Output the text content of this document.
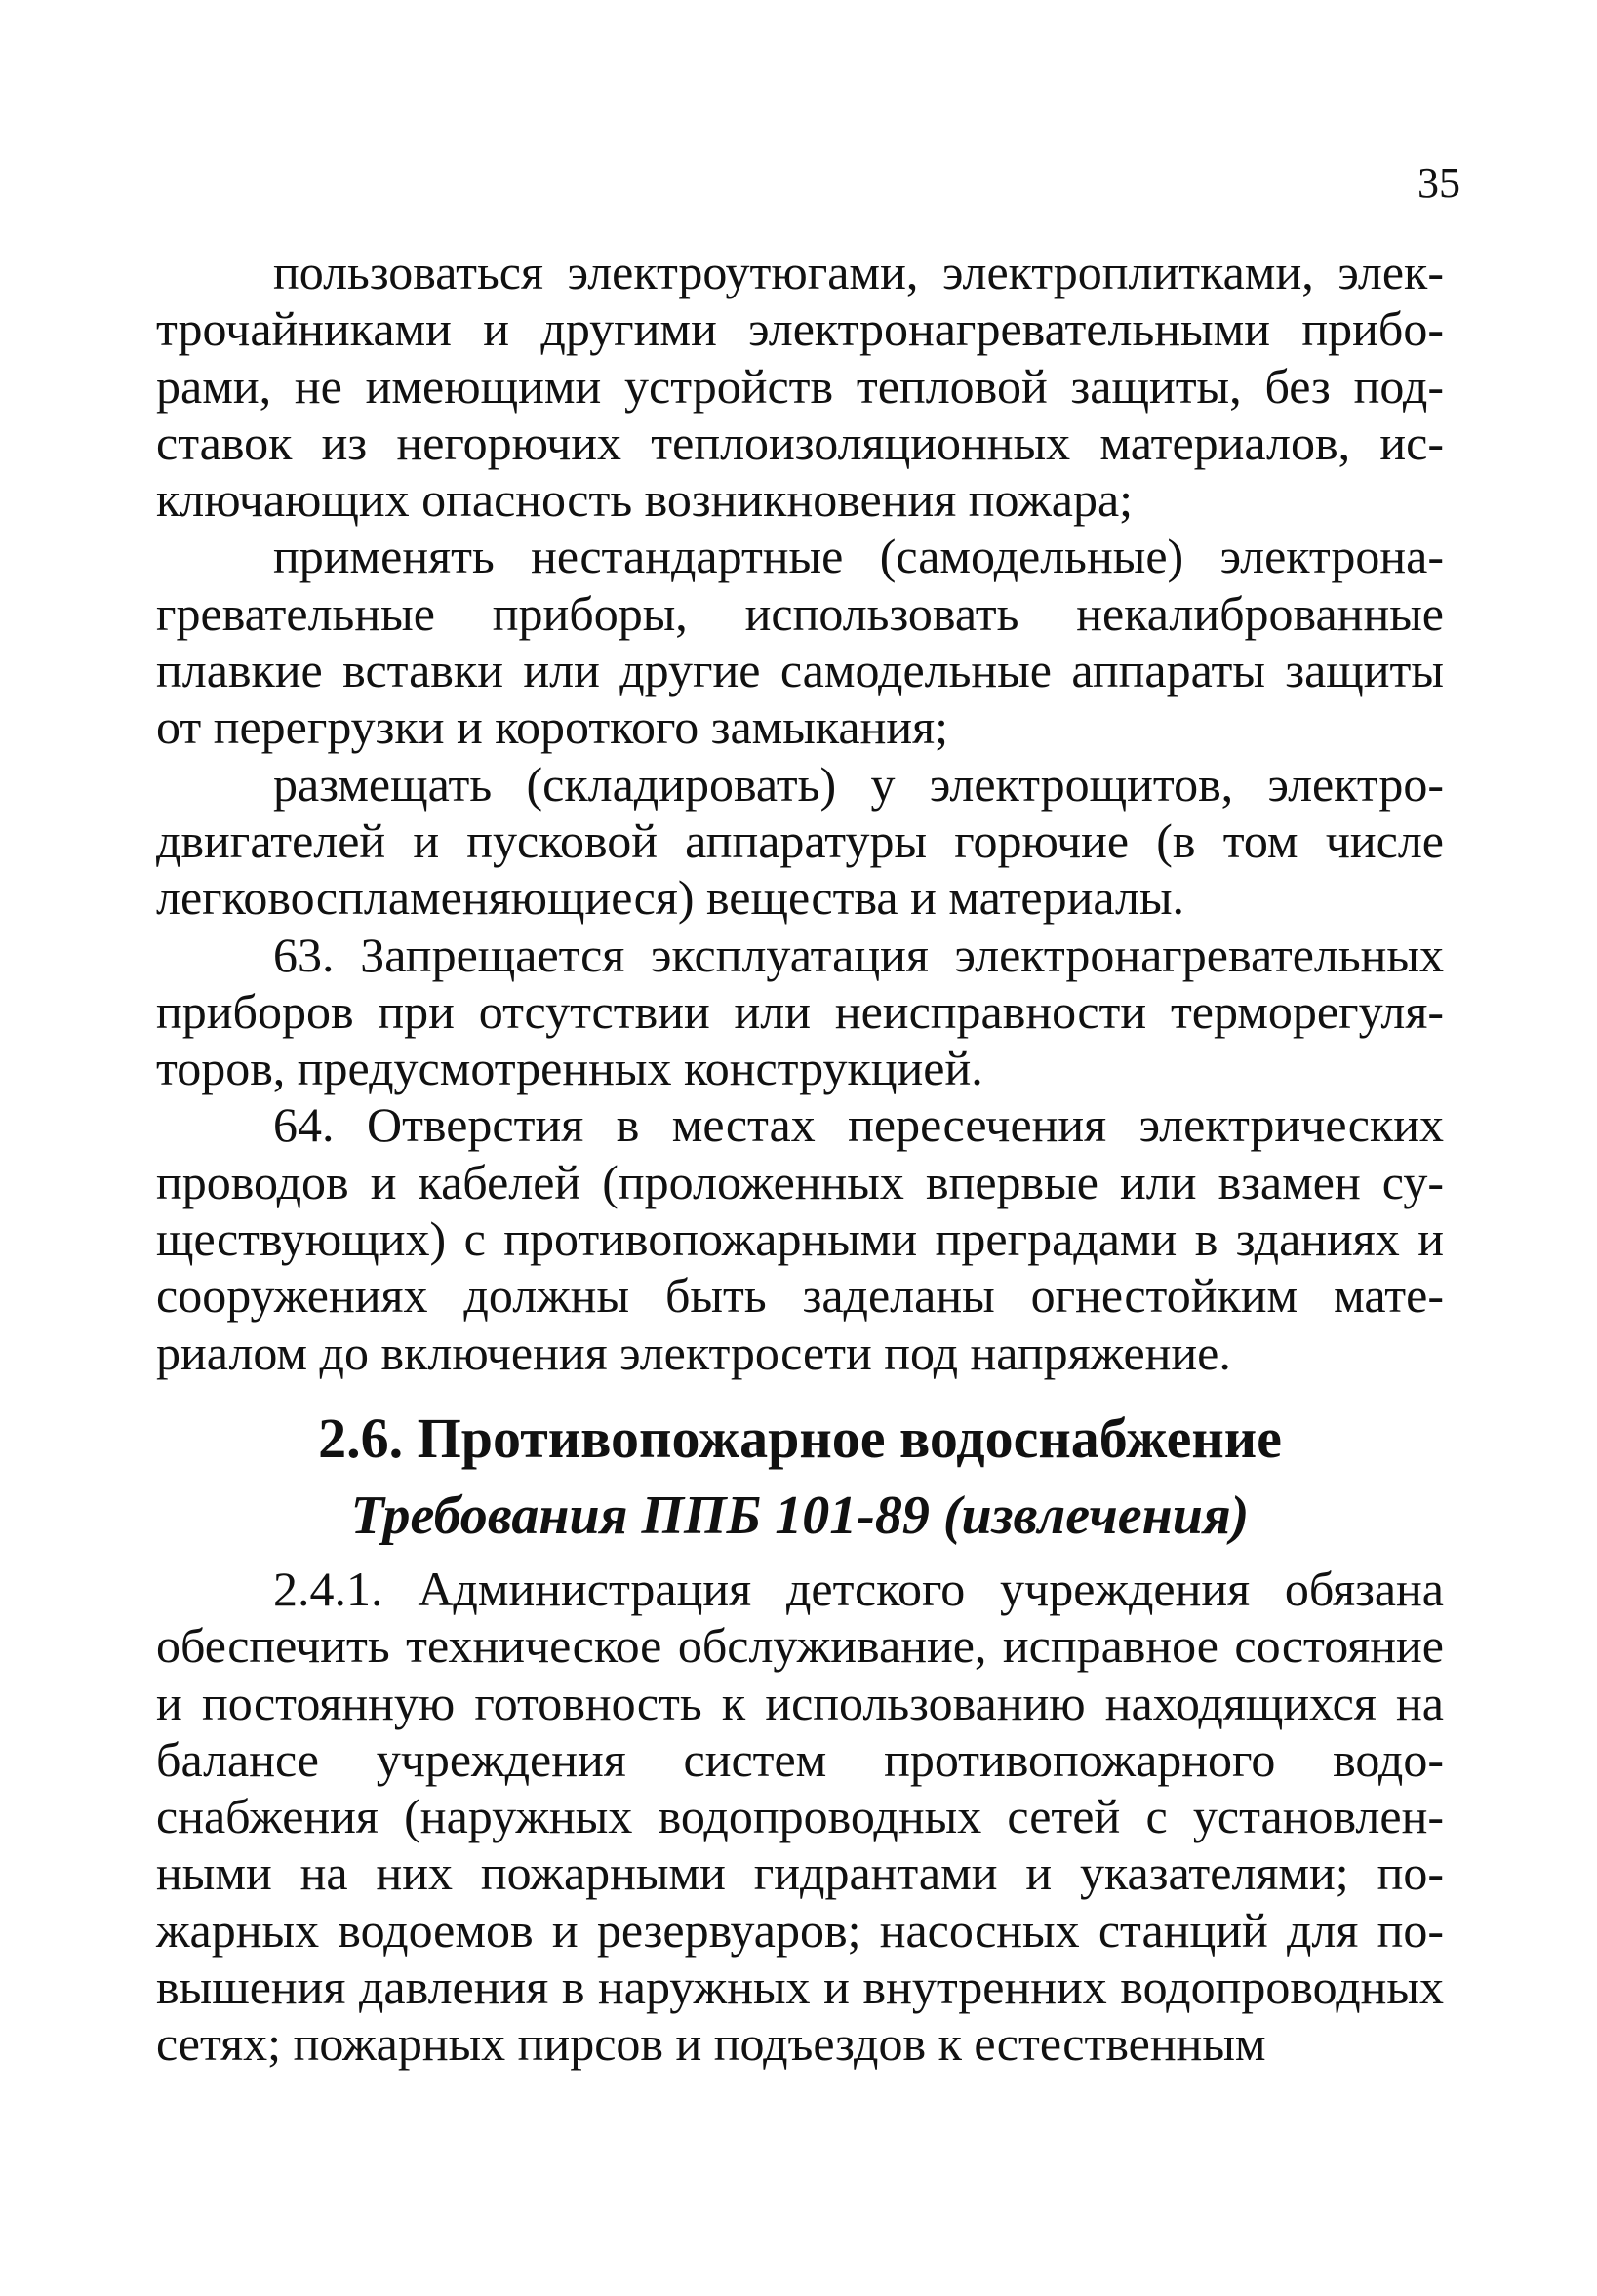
35

пользоваться электроутюгами, электроплитками, электрочайниками и другими электронагревательными приборами, не имеющими устройств тепловой защиты, без подставок из негорючих теплоизоляционных материалов, исключающих опасность возникновения пожара;

применять нестандартные (самодельные) электронагревательные приборы, использовать некалиброванные плавкие вставки или другие самодельные аппараты защиты от перегрузки и короткого замыкания;

размещать (складировать) у электрощитов, электродвигателей и пусковой аппаратуры горючие (в том числе легковоспламеняющиеся) вещества и материалы.

63. Запрещается эксплуатация электронагревательных приборов при отсутствии или неисправности терморегуляторов, предусмотренных конструкцией.

64. Отверстия в местах пересечения электрических проводов и кабелей (проложенных впервые или взамен существующих) с противопожарными преградами в зданиях и сооружениях должны быть заделаны огнестойким материалом до включения электросети под напряжение.

2.6. Противопожарное водоснабжение
Требования ППБ 101-89 (извлечения)

2.4.1. Администрация детского учреждения обязана обеспечить техническое обслуживание, исправное состояние и постоянную готовность к использованию находящихся на балансе учреждения систем противопожарного водоснабжения (наружных водопроводных сетей с установленными на них пожарными гидрантами и указателями; пожарных водоемов и резервуаров; насосных станций для повышения давления в наружных и внутренних водопроводных сетях; пожарных пирсов и подъездов к естественным
